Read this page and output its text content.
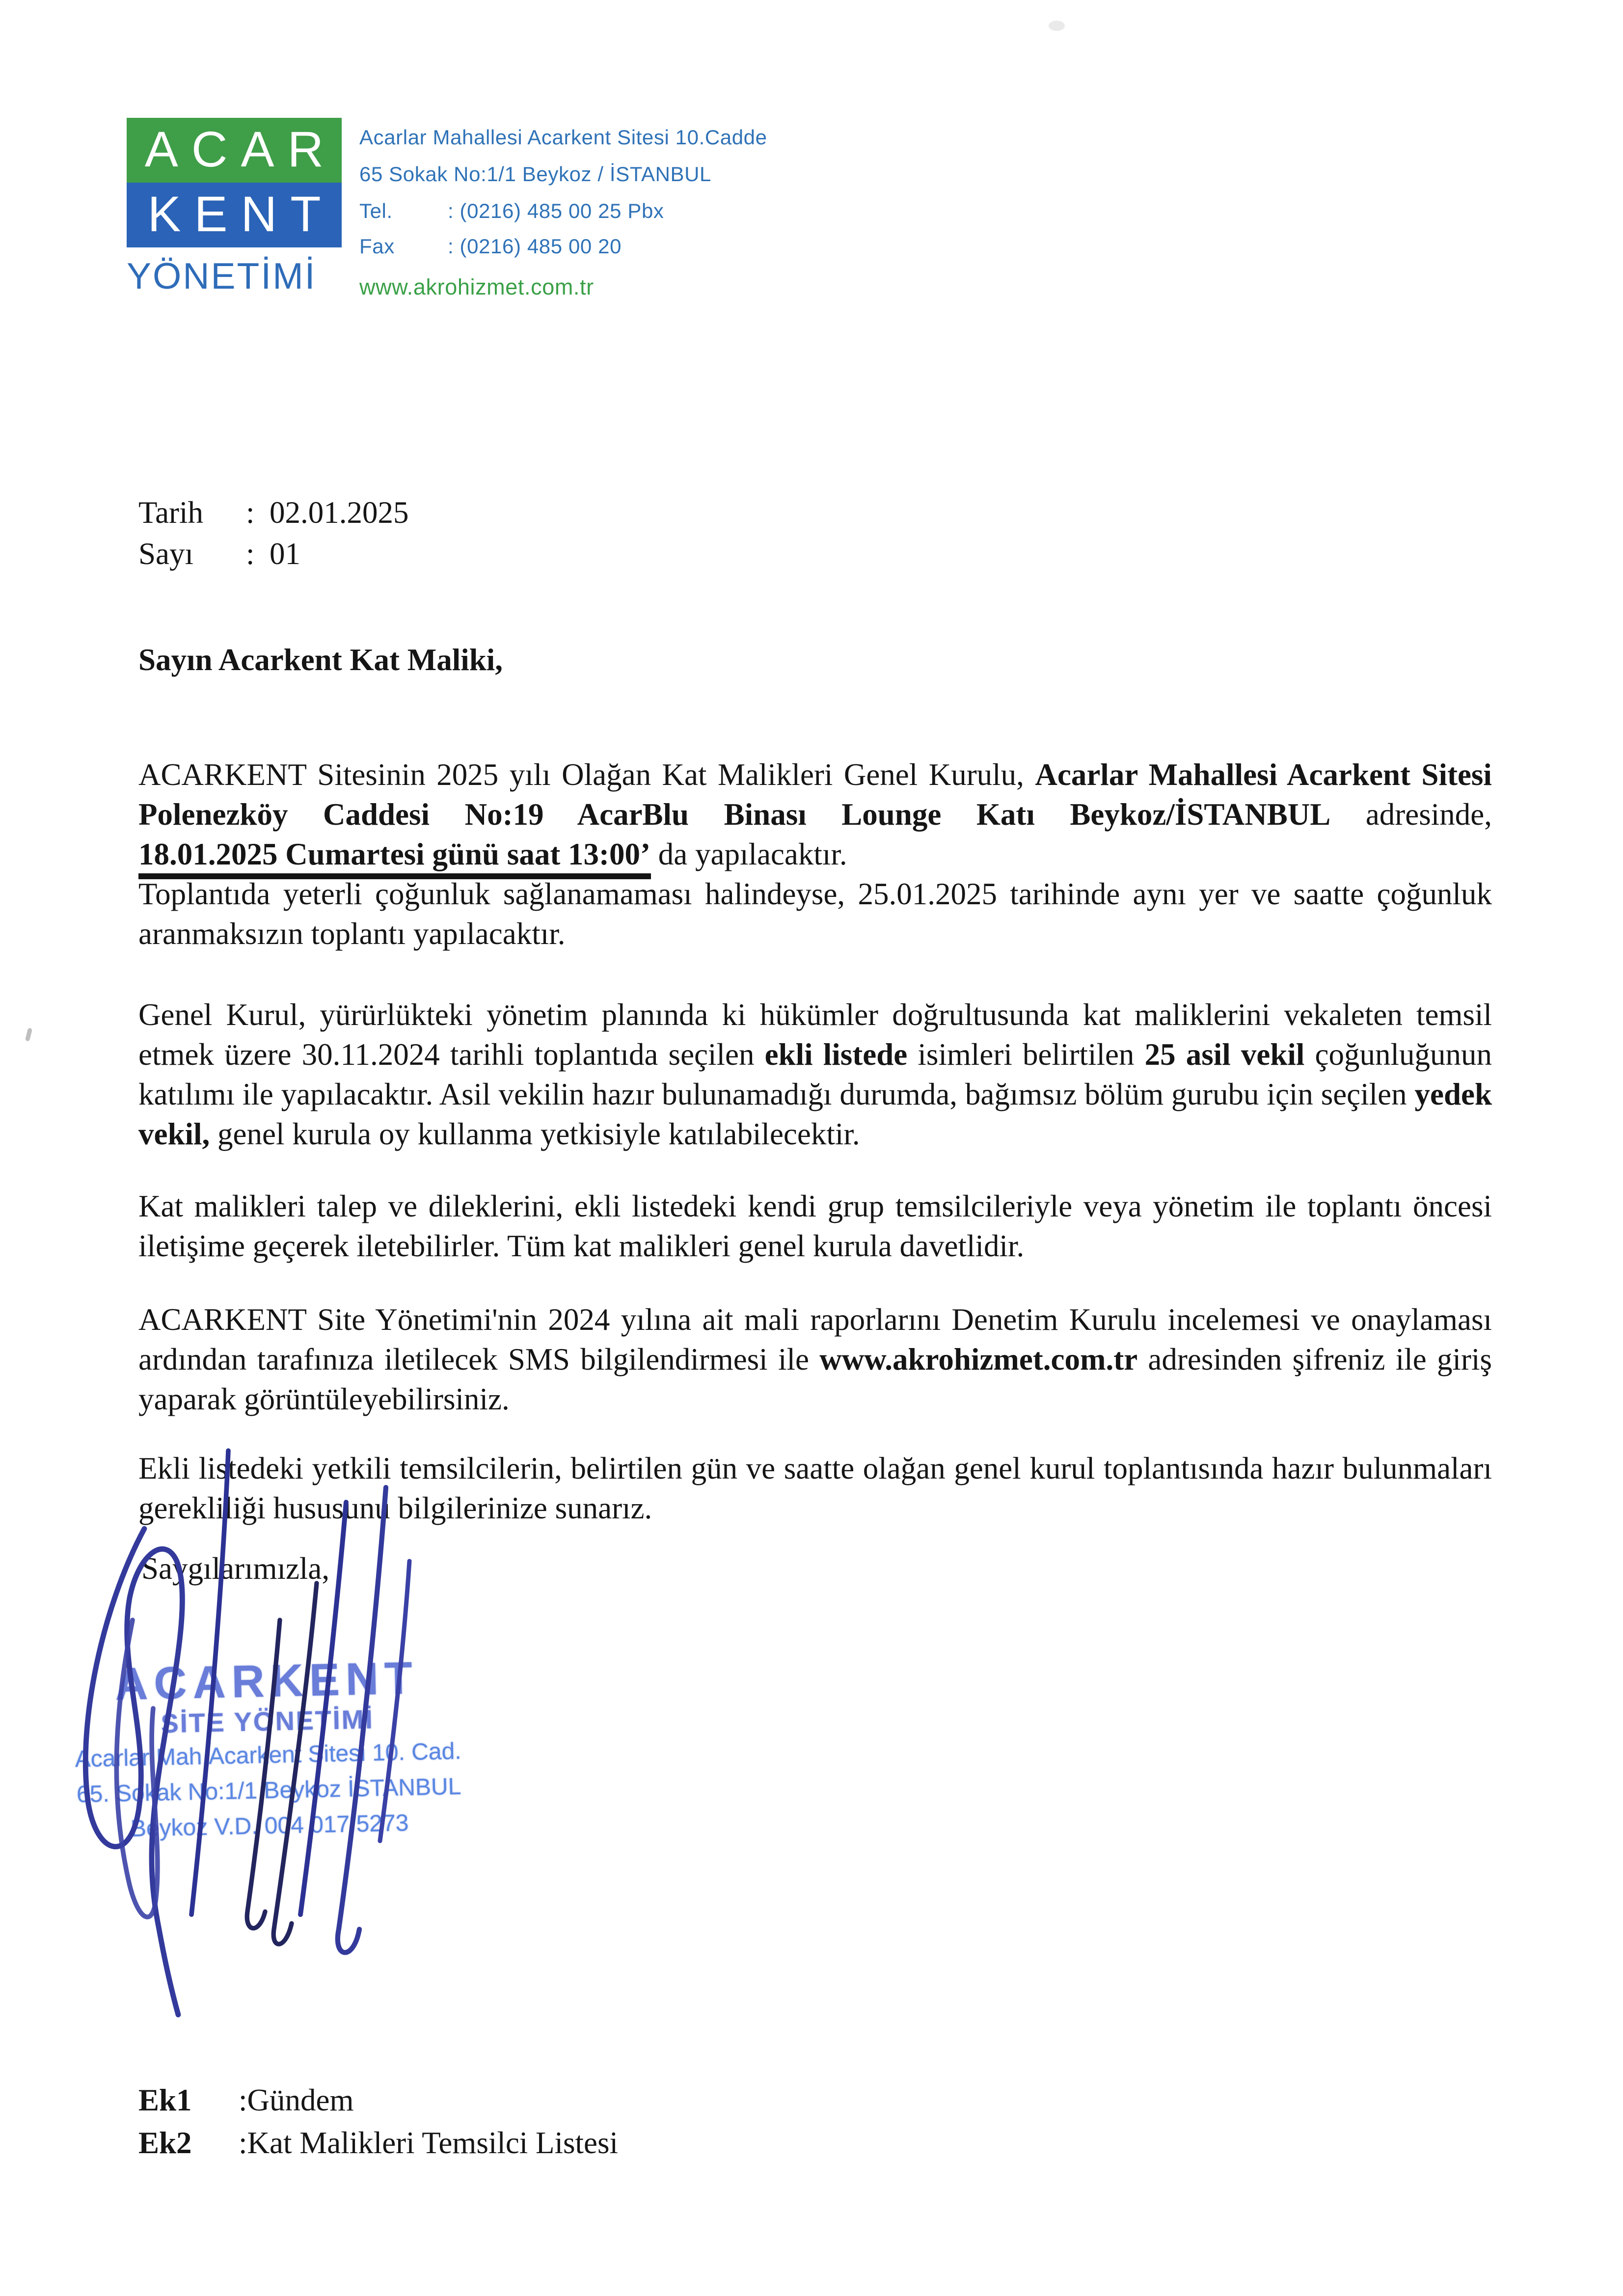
ACAR
KENT
YÖNETİMİ
Acarlar Mahallesi Acarkent Sitesi 10.Cadde
65 Sokak No:1/1 Beykoz / İSTANBUL
Tel.	: (0216) 485 00 25 Pbx
Fax	: (0216) 485 00 20
www.akrohizmet.com.tr
Tarih	:	02.01.2025
Sayı	:	01
Sayın Acarkent Kat Maliki,
ACARKENT Sitesinin 2025 yılı Olağan Kat Malikleri Genel Kurulu, Acarlar Mahallesi Acarkent Sitesi Polenezköy Caddesi No:19 AcarBlu Binası Lounge Katı Beykoz/İSTANBUL adresinde,
18.01.2025 Cumartesi günü saat 13:00’ da yapılacaktır.
Toplantıda yeterli çoğunluk sağlanamaması halindeyse, 25.01.2025 tarihinde aynı yer ve saatte çoğunluk aranmaksızın toplantı yapılacaktır.
Genel Kurul, yürürlükteki yönetim planında ki hükümler doğrultusunda kat maliklerini vekaleten temsil etmek üzere 30.11.2024 tarihli toplantıda seçilen ekli listede isimleri belirtilen 25 asil vekil çoğunluğunun katılımı ile yapılacaktır. Asil vekilin hazır bulunamadığı durumda, bağımsız bölüm gurubu için seçilen yedek vekil, genel kurula oy kullanma yetkisiyle katılabilecektir.
Kat malikleri talep ve dileklerini, ekli listedeki kendi grup temsilcileriyle veya yönetim ile toplantı öncesi iletişime geçerek iletebilirler. Tüm kat malikleri genel kurula davetlidir.
ACARKENT Site Yönetimi'nin 2024 yılına ait mali raporlarını Denetim Kurulu incelemesi ve onaylaması ardından tarafınıza iletilecek SMS bilgilendirmesi ile www.akrohizmet.com.tr adresinden şifreniz ile giriş yaparak görüntüleyebilirsiniz.
Ekli listedeki yetkili temsilcilerin, belirtilen gün ve saatte olağan genel kurul toplantısında hazır bulunmaları gerekliliği hususunu bilgilerinize sunarız.
Saygılarımızla,
ACARKENT
SİTE YÖNETİMİ
Acarlar Mah.Acarkent Sitesi 10. Cad.
65. Sokak No:1/1 Beykoz İSTANBUL
Beykoz V.D. 004 017 5273
Ek1	:Gündem
Ek2	:Kat Malikleri Temsilci Listesi
